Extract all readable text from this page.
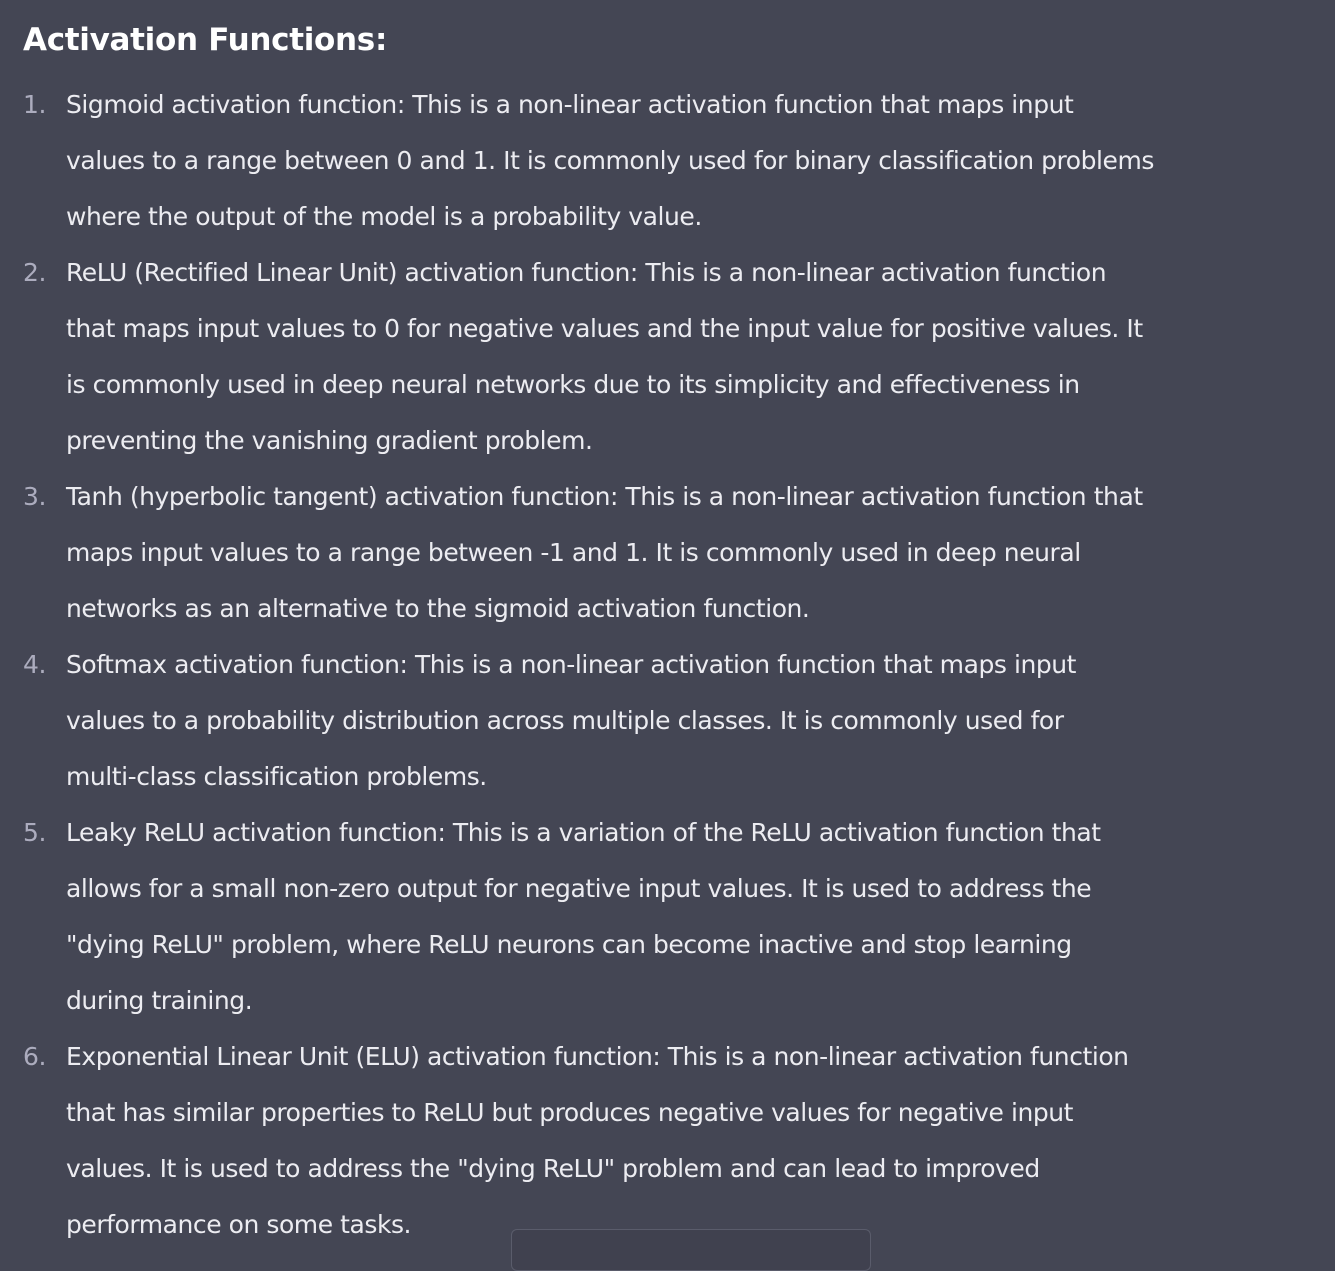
Activation Functions:
1. Sigmoid activation function: This is a non-linear activation function that maps input
values to a range between 0 and 1. It is commonly used for binary classification problems
where the output of the model is a probability value.
2. ReLU (Rectified Linear Unit) activation function: This is a non-linear activation function
that maps input values to 0 for negative values and the input value for positive values. It
is commonly used in deep neural networks due to its simplicity and effectiveness in
preventing the vanishing gradient problem.
3. Tanh (hyperbolic tangent) activation function: This is a non-linear activation function that
maps input values to a range between -1 and 1. It is commonly used in deep neural
networks as an alternative to the sigmoid activation function.
4. Softmax activation function: This is a non-linear activation function that maps input
values to a probability distribution across multiple classes. It is commonly used for
multi-class classification problems.
5. Leaky ReLU activation function: This is a variation of the ReLU activation function that
allows for a small non-zero output for negative input values. It is used to address the
"dying ReLU" problem, where ReLU neurons can become inactive and stop learning
during training.
6. Exponential Linear Unit (ELU) activation function: This is a non-linear activation function
that has similar properties to ReLU but produces negative values for negative input
values. It is used to address the "dying ReLU" problem and can lead to improved
performance on some tasks.
